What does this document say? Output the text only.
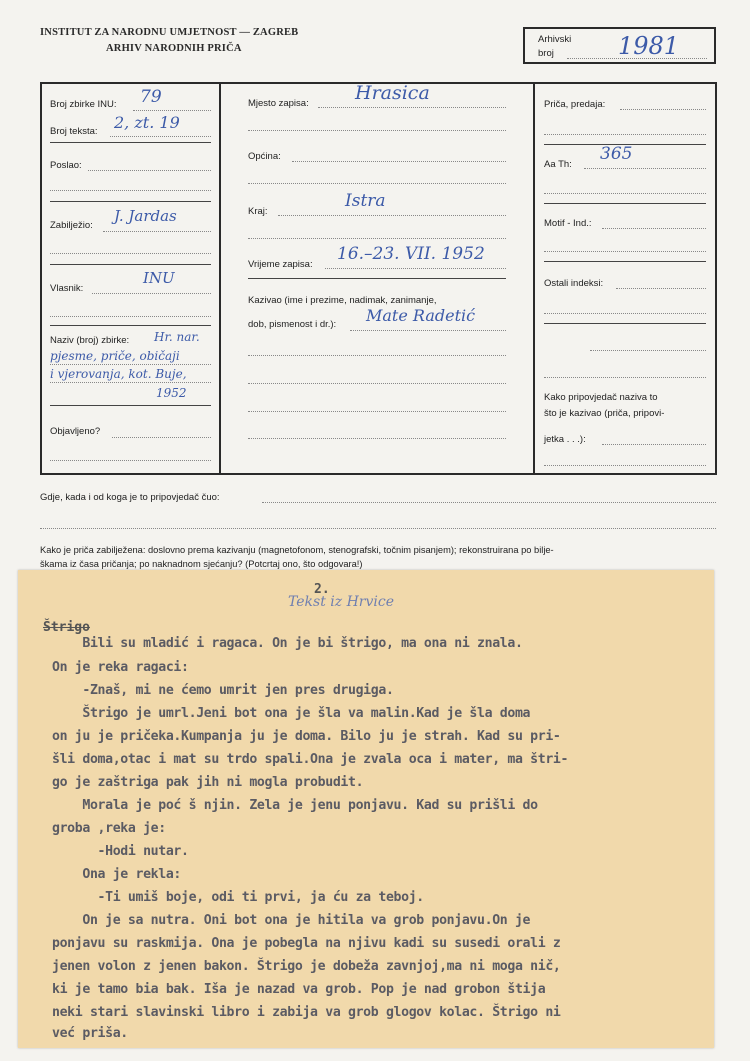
INSTITUT ZA NARODNU UMJETNOST — ZAGREB
ARHIV NARODNIH PRIČA
Arhivski
broj	1981
Broj zbirke INU: 79
Broj teksta: 2, zt. 19
Poslao:
Zabilježio:
J. Jardas
Vlasnik:
INU
Naziv (broj) zbirke: Hr. nar.
pjesme, priče, običaji
i vjerovanja, kot. Buje,
1952
Objavljeno?
Mjesto zapisa: Hrasica
Općina:
Kraj:
Istra
Vrijeme zapisa:
16.–23. VII. 1952
Kazivao (ime i prezime, nadimak, zanimanje,
dob, pismenost i dr.): Mate Radetić
Priča, predaja:
Aa Th:
365
Motif - Ind.:
Ostali indeksi:
Kako pripovjedač naziva to
što je kazivao (priča, pripovi-
jetka . . .):
Gdje, kada i od koga je to pripovjedač čuo:
Kako je priča zabilježena: doslovno prema kazivanju (magnetofonom, stenografski, točnim pisanjem); rekonstruirana po bilje-
škama iz časa pričanja; po naknadnom sjećanju? (Potcrtaj ono, što odgovara!)
2.
Tekst iz Hrvice
Štrigo
Bili su mladić i ragaca. On je bi štrigo, ma ona ni znala.
On je reka ragaci:
-Znaš, mi ne ćemo umrit jen pres drugiga.
Štrigo je umrl.Jeni bot ona je šla va malin.Kad je šla doma
on ju je pričeka.Kumpanja ju je doma. Bilo ju je strah. Kad su pri-
šli doma,otac i mat su trdo spali.Ona je zvala oca i mater, ma štri-
go je zaštriga pak jih ni mogla probudit.
Morala je poć š njin. Zela je jenu ponjavu. Kad su prišli do
groba ,reka je:
-Hodi nutar.
Ona je rekla:
-Ti umiš boje, odi ti prvi, ja ću za teboj.
On je sa nutra. Oni bot ona je hitila va grob ponjavu.On je
ponjavu su raskmija. Ona je pobegla na njivu kadi su susedi orali z
jenen volon z jenen bakon. Štrigo je dobeža zavnjoj,ma ni moga nič,
ki je tamo bia bak. Iša je nazad va grob. Pop je nad grobon štija
neki stari slavinski libro i zabija va grob glogov kolac. Štrigo ni
već priša.
